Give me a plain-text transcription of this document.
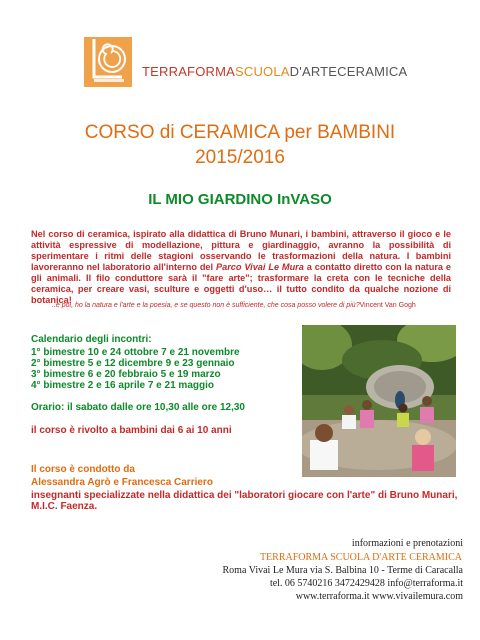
TERRAFORMASCUOLAD'ARTECERAMICA
CORSO di CERAMICA per BAMBINI
2015/2016
IL MIO GIARDINO InVASO
Nel corso di ceramica, ispirato alla didattica di Bruno Munari, i bambini, attraverso il gioco e le attività espressive di modellazione, pittura e giardinaggio, avranno la possibilità di sperimentare i ritmi delle stagioni osservando le trasformazioni della natura. I bambini lavoreranno nel laboratorio all'interno del Parco Vivai Le Mura a contatto diretto con la natura e gli animali. Il filo conduttore sarà il "fare arte"; trasformare la creta con le tecniche della ceramica, per creare vasi, sculture e oggetti d'uso… il tutto condito da qualche nozione di botanica!
..e poi, ho la natura e l'arte e la poesia, e se questo non è sufficiente, che cosa posso volere di più?Vincent Van Gogh
Calendario degli incontri:
1° bimestre 10 e 24 ottobre 7 e 21 novembre
2° bimestre 5 e 12 dicembre 9 e 23 gennaio
3° bimestre 6 e 20 febbraio 5 e 19 marzo
4° bimestre 2 e 16 aprile 7 e 21 maggio
Orario: il sabato dalle ore 10,30 alle ore 12,30
il corso è rivolto a bambini dai 6 ai 10 anni
Il corso è condotto da
Alessandra Agrò e Francesca Carriero
insegnanti specializzate nella didattica dei "laboratori giocare con l'arte" di Bruno Munari, M.I.C. Faenza.
informazioni e prenotazioni
TERRAFORMA SCUOLA D'ARTE CERAMICA
Roma Vivai Le Mura via S. Balbina 10 - Terme di Caracalla
tel. 06 5740216 3472429428 info@terraforma.it
www.terraforma.it www.vivailemura.com
